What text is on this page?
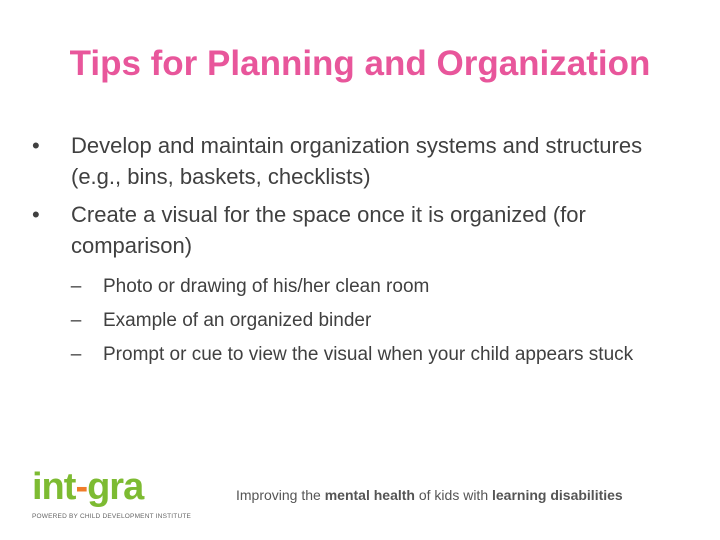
Tips for Planning and Organization
•	Develop and maintain organization systems and structures (e.g., bins, baskets, checklists)
•	Create a visual for the space once it is organized (for comparison)
–	Photo or drawing of his/her clean room
–	Example of an organized binder
–	Prompt or cue to view the visual when your child appears stuck
int-gra
POWERED BY CHILD DEVELOPMENT INSTITUTE
Improving the mental health of kids with learning disabilities
